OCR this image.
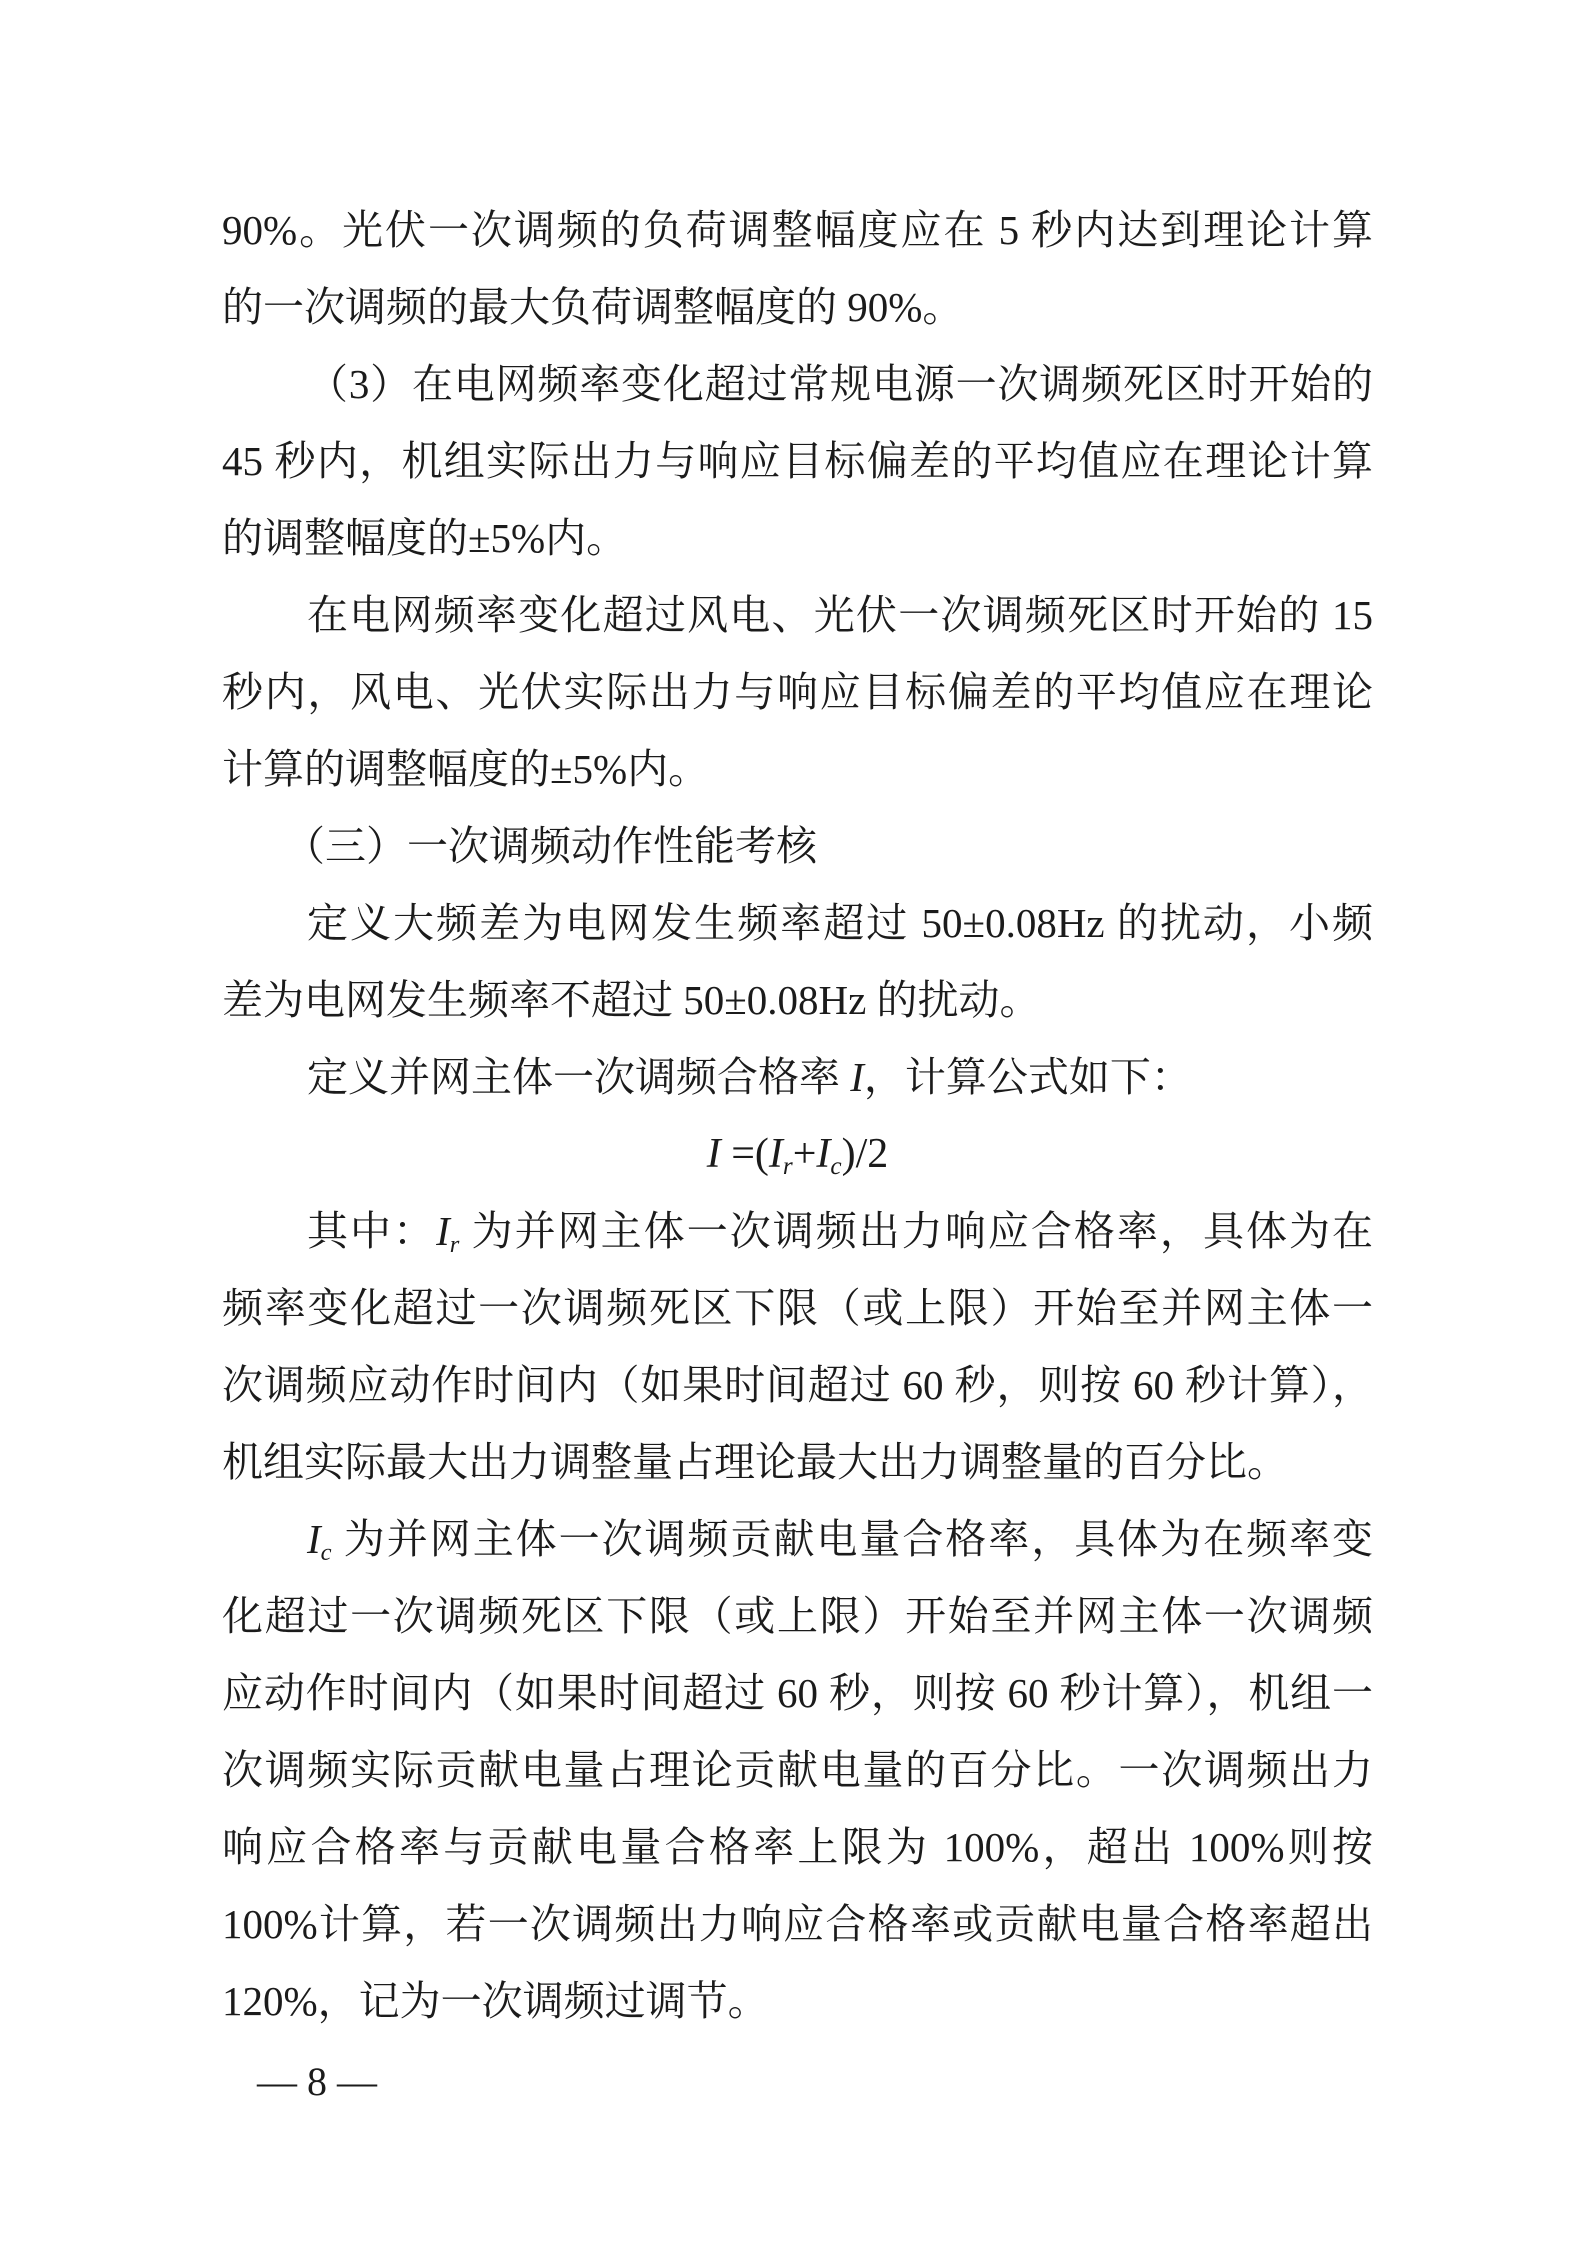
90%。光伏一次调频的负荷调整幅度应在 5 秒内达到理论计算
的一次调频的最大负荷调整幅度的 90%。
（3）在电网频率变化超过常规电源一次调频死区时开始的
45 秒内，机组实际出力与响应目标偏差的平均值应在理论计算
的调整幅度的±5%内。
在电网频率变化超过风电、光伏一次调频死区时开始的 15
秒内，风电、光伏实际出力与响应目标偏差的平均值应在理论
计算的调整幅度的±5%内。
（三）一次调频动作性能考核
定义大频差为电网发生频率超过 50±0.08Hz 的扰动，小频
差为电网发生频率不超过 50±0.08Hz 的扰动。
定义并网主体一次调频合格率 I，计算公式如下：
$I =(I_r+I_c)/2$
其中：$I_r$ 为并网主体一次调频出力响应合格率，具体为在
频率变化超过一次调频死区下限（或上限）开始至并网主体一
次调频应动作时间内（如果时间超过 60 秒，则按 60 秒计算），
机组实际最大出力调整量占理论最大出力调整量的百分比。
$I_c$ 为并网主体一次调频贡献电量合格率，具体为在频率变
化超过一次调频死区下限（或上限）开始至并网主体一次调频
应动作时间内（如果时间超过 60 秒，则按 60 秒计算），机组一
次调频实际贡献电量占理论贡献电量的百分比。一次调频出力
响应合格率与贡献电量合格率上限为 100%，超出 100%则按
100%计算，若一次调频出力响应合格率或贡献电量合格率超出
120%，记为一次调频过调节。
— 8 —
